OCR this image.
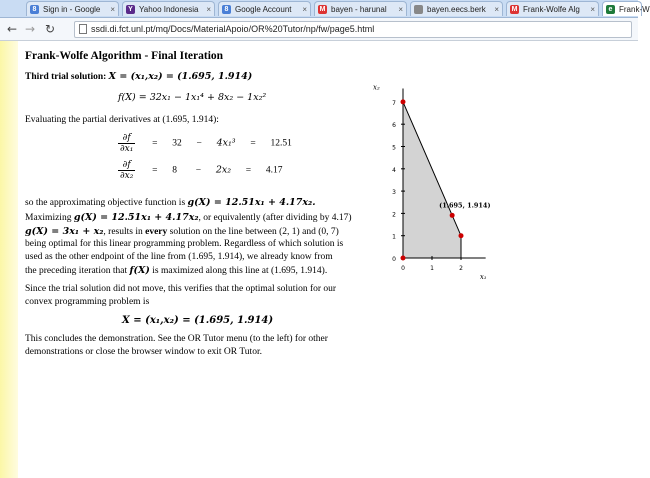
8 Sign in - Google ×	Y Yahoo Indonesia ×	8 Google Account × M bayen - harunal ×	bayen.eecs.berk × M Frank-Wolfe Alg ×	e Frank-W
← → ↻	ssdi.di.fct.unl.pt/mq/Docs/MaterialApoio/OR%20Tutor/np/fw/page5.html
Frank-Wolfe Algorithm - Final Iteration
Third trial solution: X = (x₁,x₂) = (1.695, 1.914)
f(X) = 32x₁ − 1x₁⁴ + 8x₂ − 1x₂²
Evaluating the partial derivatives at (1.695, 1.914):
$\frac{\partial f}{\text{∂x₁}} = 32 - 4x_1^3 = 12.51$
$\frac{\partial f}{\text{∂x₂}} = 8 - 2x_2 = 4.17$
so the approximating objective function is g(X) = 12.51x₁ + 4.17x₂.
Maximizing g(X) = 12.51x₁ + 4.17x₂, or equivalently (after dividing by 4.17)
g(X) = 3x₁ + x₂, results in every solution on the line between (2, 1) and (0, 7)
being optimal for this linear programming problem. Regardless of which solution is
used as the other endpoint of the line from (1.695, 1.914), we already know from
the preceding iteration that f(X) is maximized along this line at (1.695, 1.914).
Since the trial solution did not move, this verifies that the optimal solution for our
convex programming problem is
X = (x₁,x₂) = (1.695, 1.914)
This concludes the demonstration. See the OR Tutor menu (to the left) for other
demonstrations or close the browser window to exit OR Tutor.
0
1
2
3
4
5
6
7
0	1	2
x₂
x₁
(1.695, 1.914)
